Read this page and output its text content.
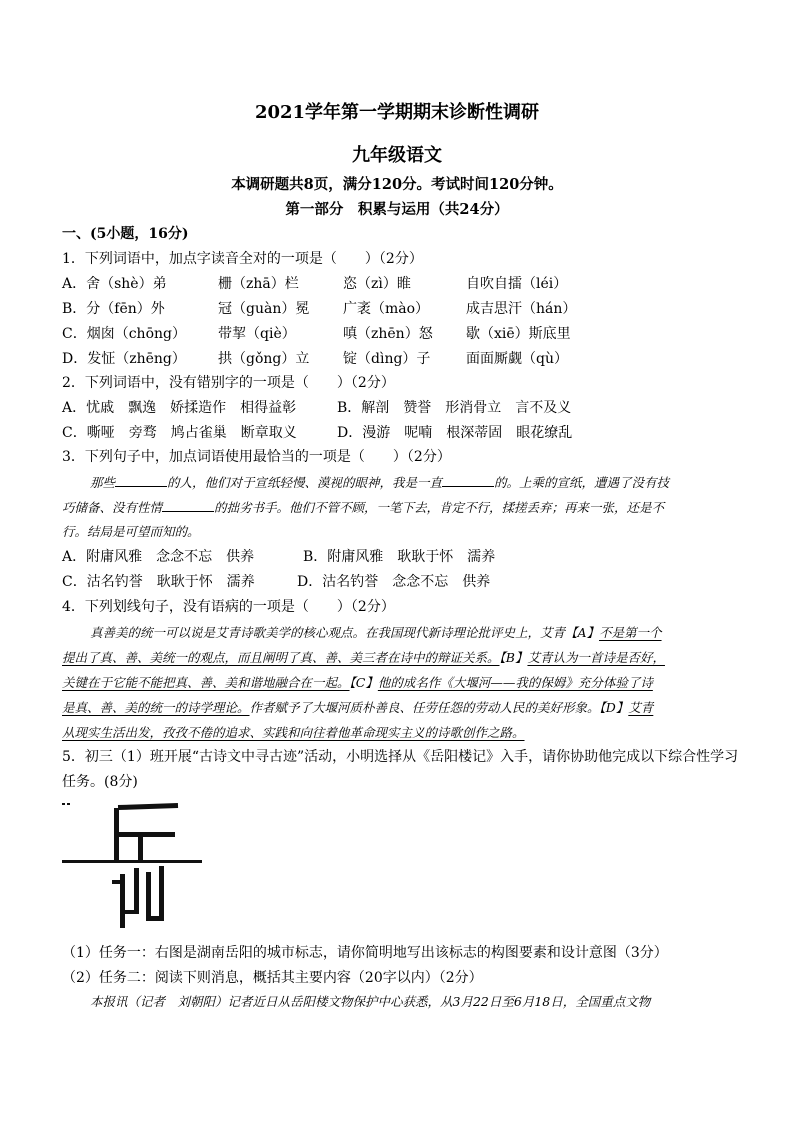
2021学年第一学期期末诊断性调研
九年级语文
本调研题共8页，满分120分。考试时间120分钟。
第一部分　积累与运用（共24分）
一、(5小题，16分)
1．下列词语中，加点字读音全对的一项是（　　）（2分）
A．舍（shè）弟	栅（zhā）栏	恣（zì）睢	自吹自擂（léi）
B．分（fēn）外	冠（guàn）冕 广袤（mào）	成吉思汗（hán）
C．烟囱（chōng） 带挈（qiè）	嗔（zhēn）怒 歇（xiē）斯底里
D．发怔（zhēng） 拱（gǒng）立 锭（dìng）子	面面厮觑（qù）
2．下列词语中，没有错别字的一项是（　　）（2分）
A．忧戚　飘逸　娇揉造作　相得益彰	B．解剖　赞誉　形消骨立　言不及义
C．嘶哑　旁骛　鸠占雀巢　断章取义	D．漫游　呢喃　根深蒂固　眼花缭乱
3．下列句子中，加点词语使用最恰当的一项是（　　）（2分）
那些	的人，他们对于宣纸轻慢、漠视的眼神，我是一直	的。上乘的宣纸，遭遇了没有技
巧储备、没有性情	的拙劣书手。他们不管不顾，一笔下去，肯定不行，揉搓丢弃；再来一张，还是不
行。结局是可望而知的。
A．附庸风雅　念念不忘　供养	B．附庸风雅　耿耿于怀　濡养
C．沽名钓誉　耿耿于怀　濡养	D．沽名钓誉　念念不忘　供养
4．下列划线句子，没有语病的一项是（　　）（2分）
真善美的统一可以说是艾青诗歌美学的核心观点。在我国现代新诗理论批评史上，艾青【A】不是第一个
提出了真、善、美统一的观点，而且阐明了真、善、美三者在诗中的辩证关系。【B】艾青认为一首诗是否好，
关键在于它能不能把真、善、美和谐地融合在一起。【C】他的成名作《大堰河——我的保姆》充分体验了诗
是真、善、美的统一的诗学理论。作者赋予了大堰河质朴善良、任劳任怨的劳动人民的美好形象。【D】艾青
从现实生活出发，孜孜不倦的追求、实践和向往着他革命现实主义的诗歌创作之路。
5．初三（1）班开展“古诗文中寻古迹”活动，小明选择从《岳阳楼记》入手，请你协助他完成以下综合性学习
任务。(8分)
（1）任务一：右图是湖南岳阳的城市标志，请你简明地写出该标志的构图要素和设计意图（3分）
（2）任务二：阅读下则消息，概括其主要内容（20字以内）（2分）
本报讯（记者　刘朝阳）记者近日从岳阳楼文物保护中心获悉，从3月22日至6月18日，全国重点文物
